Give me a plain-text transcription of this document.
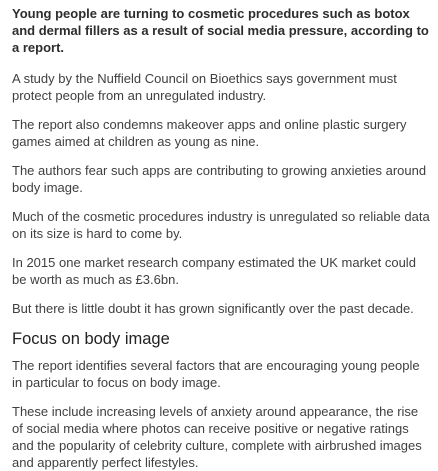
Young people are turning to cosmetic procedures such as botox and dermal fillers as a result of social media pressure, according to a report.

A study by the Nuffield Council on Bioethics says government must protect people from an unregulated industry.

The report also condemns makeover apps and online plastic surgery games aimed at children as young as nine.

The authors fear such apps are contributing to growing anxieties around body image.

Much of the cosmetic procedures industry is unregulated so reliable data on its size is hard to come by.

In 2015 one market research company estimated the UK market could be worth as much as £3.6bn.

But there is little doubt it has grown significantly over the past decade.

Focus on body image

The report identifies several factors that are encouraging young people in particular to focus on body image.

These include increasing levels of anxiety around appearance, the rise of social media where photos can receive positive or negative ratings and the popularity of celebrity culture, complete with airbrushed images and apparently perfect lifestyles.
